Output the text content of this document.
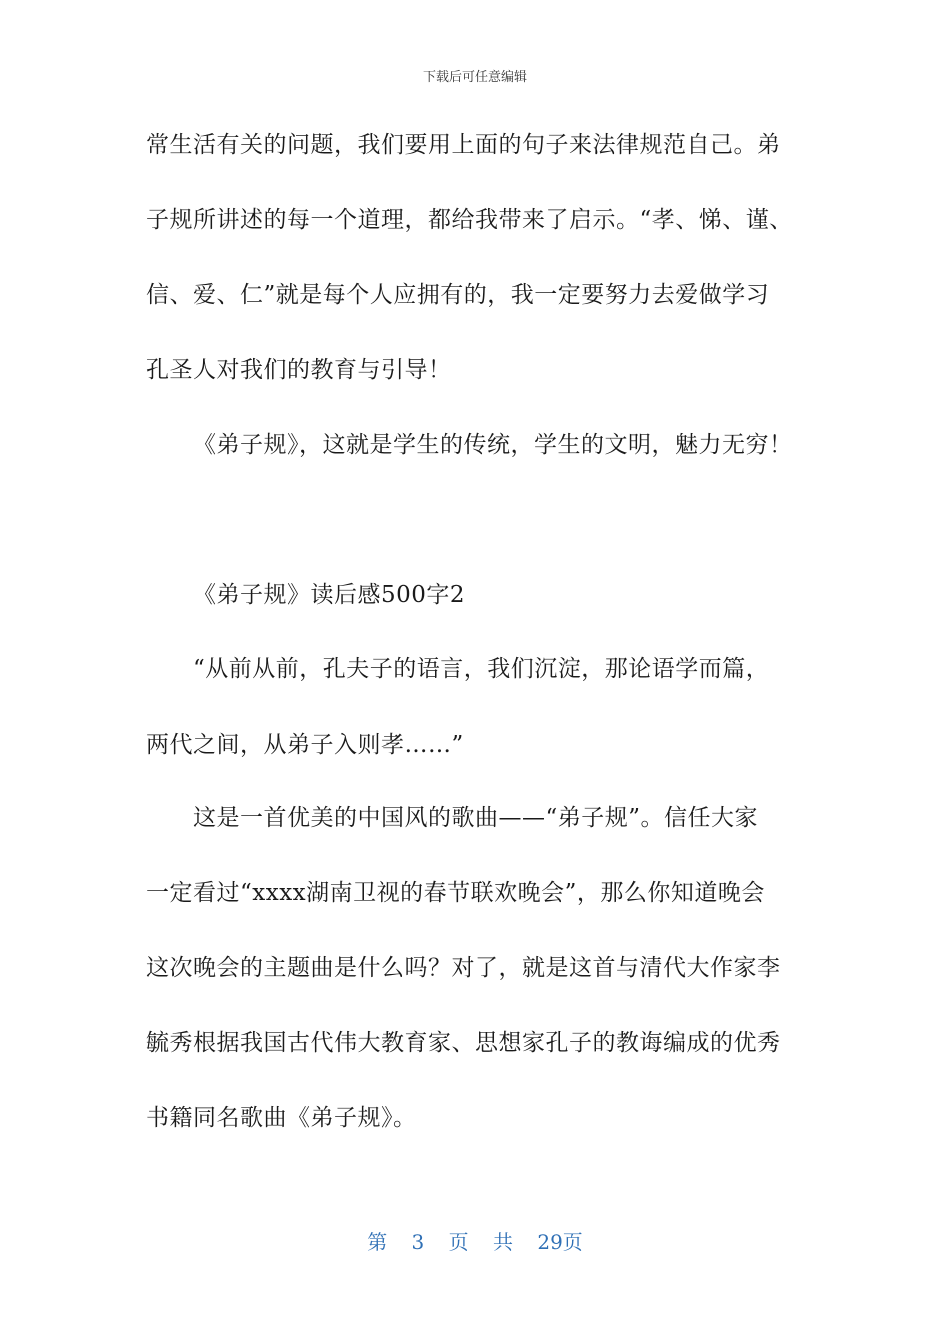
下载后可任意编辑
常生活有关的问题，我们要用上面的句子来法律规范自己。弟
子规所讲述的每一个道理，都给我带来了启示。“孝、悌、谨、
信、爱、仁”就是每个人应拥有的，我一定要努力去爱做学习
孔圣人对我们的教育与引导！
《弟子规》，这就是学生的传统，学生的文明，魅力无穷！
《弟子规》读后感500字2
“从前从前，孔夫子的语言，我们沉淀，那论语学而篇，
两代之间，从弟子入则孝……”
这是一首优美的中国风的歌曲——“弟子规”。信任大家
一定看过“xxxx湖南卫视的春节联欢晚会”，那么你知道晚会
这次晚会的主题曲是什么吗？对了，就是这首与清代大作家李
毓秀根据我国古代伟大教育家、思想家孔子的教诲编成的优秀
书籍同名歌曲《弟子规》。
第 3 页 共 29页
